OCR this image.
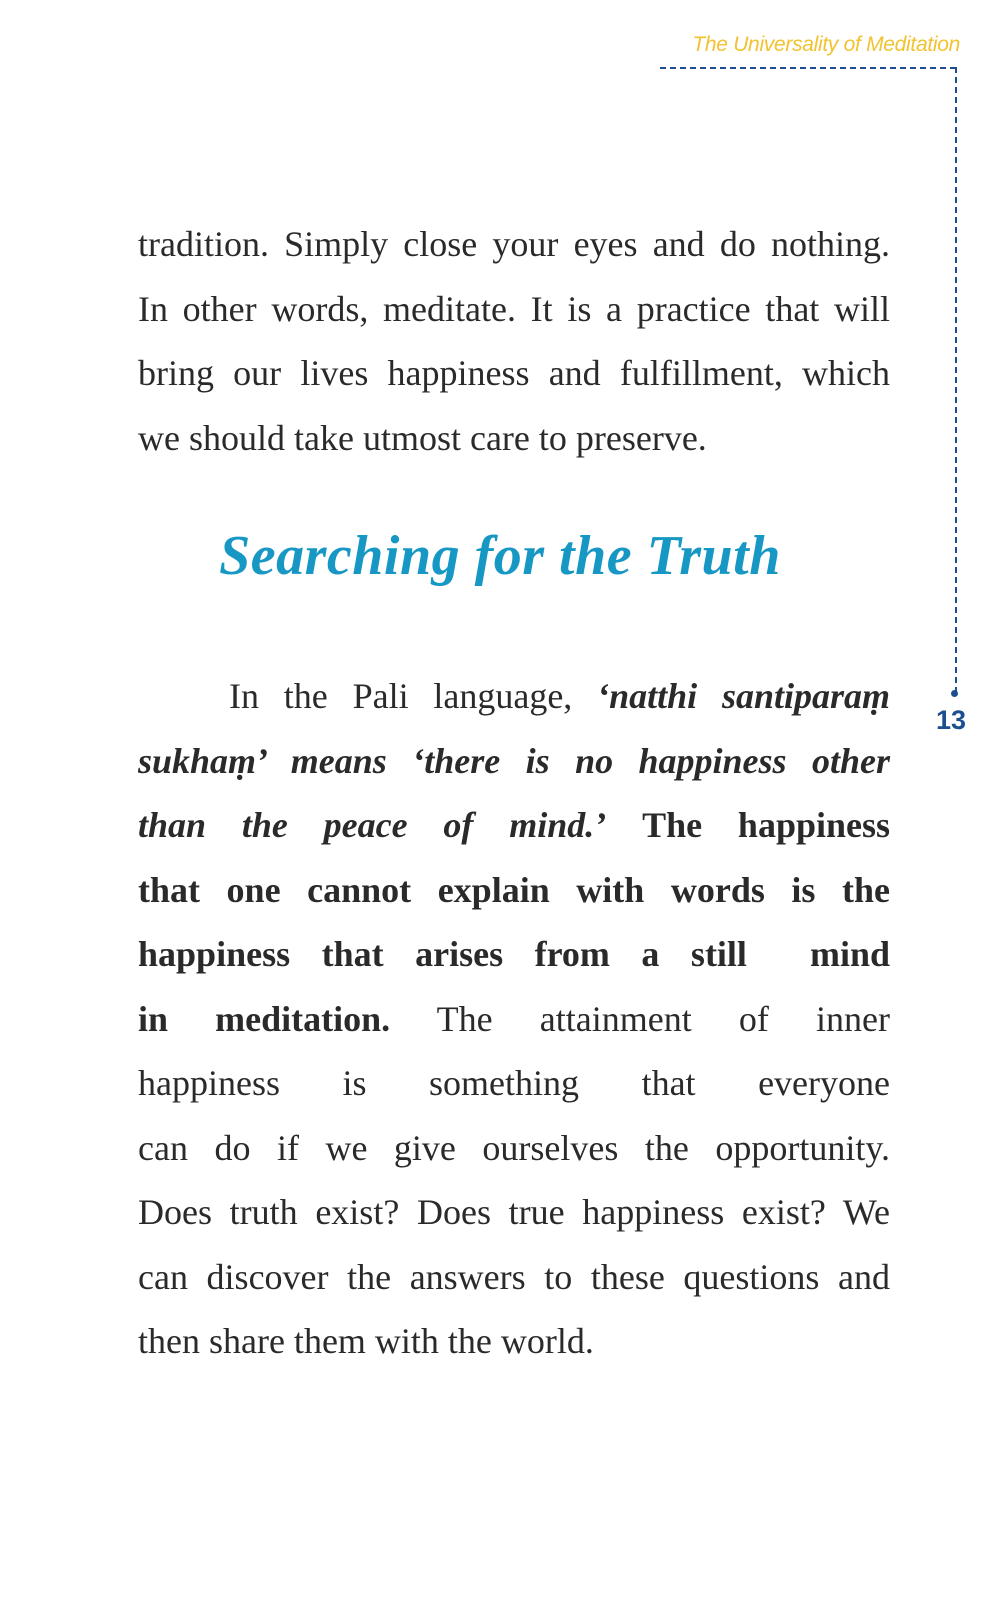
The Universality of Meditation
13
tradition. Simply close your eyes and do nothing.
In other words, meditate. It is a practice that will
bring our lives happiness and fulfillment, which
we should take utmost care to preserve.
Searching for the Truth
In the Pali language, ‘natthi santiparaṃ
sukhaṃ’ means ‘there is no happiness other
than the peace of mind.’ The happiness
that one cannot explain with words is the
happiness that arises from a still  mind
in meditation. The attainment of inner
happiness is something that everyone
can do if we give ourselves the opportunity.
Does truth exist? Does true happiness exist? We
can discover the answers to these questions and
then share them with the world.
